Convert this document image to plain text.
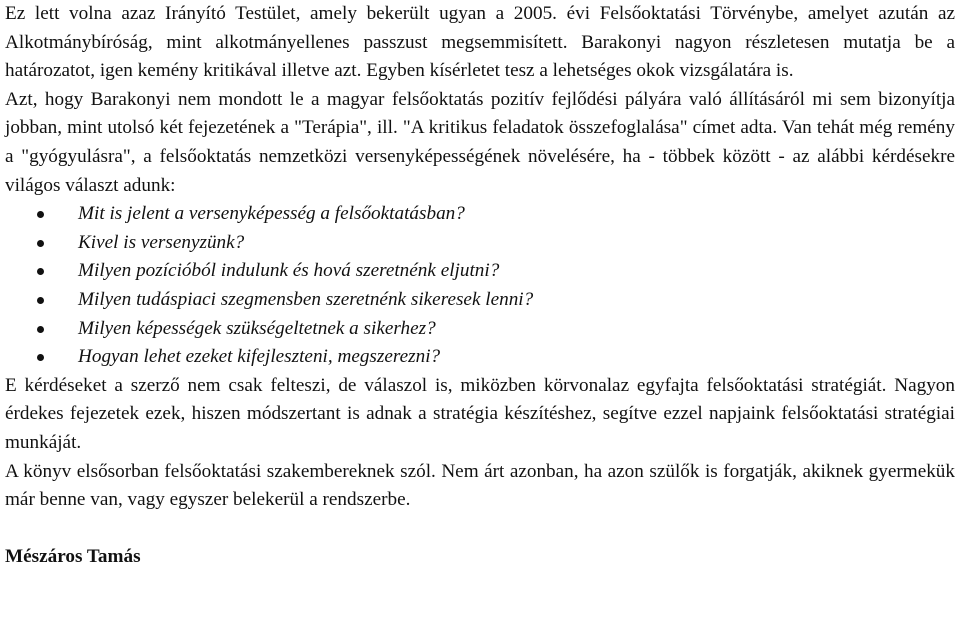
Ez lett volna azaz Irányító Testület, amely bekerült ugyan a 2005. évi Felsőoktatási Törvénybe, amelyet azután az Alkotmánybíróság, mint alkotmányellenes passzust megsemmisített. Barakonyi nagyon részletesen mutatja be a határozatot, igen kemény kritikával illetve azt. Egyben kísérletet tesz a lehetséges okok vizsgálatára is.

Azt, hogy Barakonyi nem mondott le a magyar felsőoktatás pozitív fejlődési pályára való állításáról mi sem bizonyítja jobban, mint utolsó két fejezetének a "Terápia", ill. "A kritikus feladatok összefoglalása" címet adta. Van tehát még remény a "gyógyulásra", a felsőoktatás nemzetközi versenyképességének növelésére, ha - többek között - az alábbi kérdésekre világos választ adunk:

Mit is jelent a versenyképesség a felsőoktatásban?
Kivel is versenyzünk?
Milyen pozícióból indulunk és hová szeretnénk eljutni?
Milyen tudáspiaci szegmensben szeretnénk sikeresek lenni?
Milyen képességek szükségeltetnek a sikerhez?
Hogyan lehet ezeket kifejleszteni, megszerezni?

E kérdéseket a szerző nem csak felteszi, de válaszol is, miközben körvonalaz egyfajta felsőoktatási stratégiát. Nagyon érdekes fejezetek ezek, hiszen módszertant is adnak a stratégia készítéshez, segítve ezzel napjaink felsőoktatási stratégiai munkáját.

A könyv elsősorban felsőoktatási szakembereknek szól. Nem árt azonban, ha azon szülők is forgatják, akiknek gyermekük már benne van, vagy egyszer belekerül a rendszerbe.

Mészáros Tamás
